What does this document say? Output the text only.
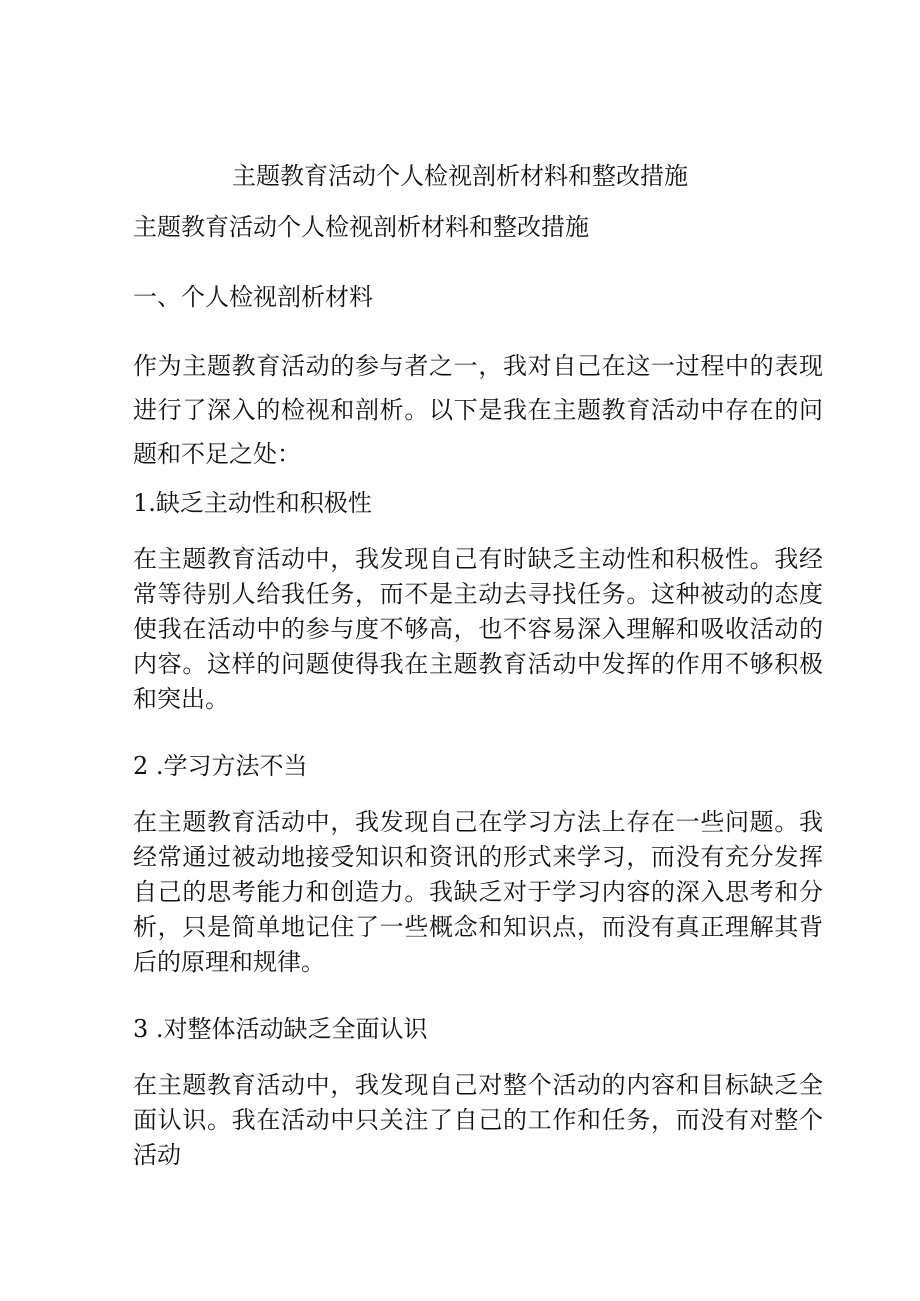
主题教育活动个人检视剖析材料和整改措施

主题教育活动个人检视剖析材料和整改措施

一、个人检视剖析材料

作为主题教育活动的参与者之一，我对自己在这一过程中的表现进行了深入的检视和剖析。以下是我在主题教育活动中存在的问题和不足之处：

1.缺乏主动性和积极性

在主题教育活动中，我发现自己有时缺乏主动性和积极性。我经常等待别人给我任务，而不是主动去寻找任务。这种被动的态度使我在活动中的参与度不够高，也不容易深入理解和吸收活动的内容。这样的问题使得我在主题教育活动中发挥的作用不够积极和突出。

2 .学习方法不当

在主题教育活动中，我发现自己在学习方法上存在一些问题。我经常通过被动地接受知识和资讯的形式来学习，而没有充分发挥自己的思考能力和创造力。我缺乏对于学习内容的深入思考和分析，只是简单地记住了一些概念和知识点，而没有真正理解其背后的原理和规律。

3 .对整体活动缺乏全面认识

在主题教育活动中，我发现自己对整个活动的内容和目标缺乏全面认识。我在活动中只关注了自己的工作和任务，而没有对整个活动
